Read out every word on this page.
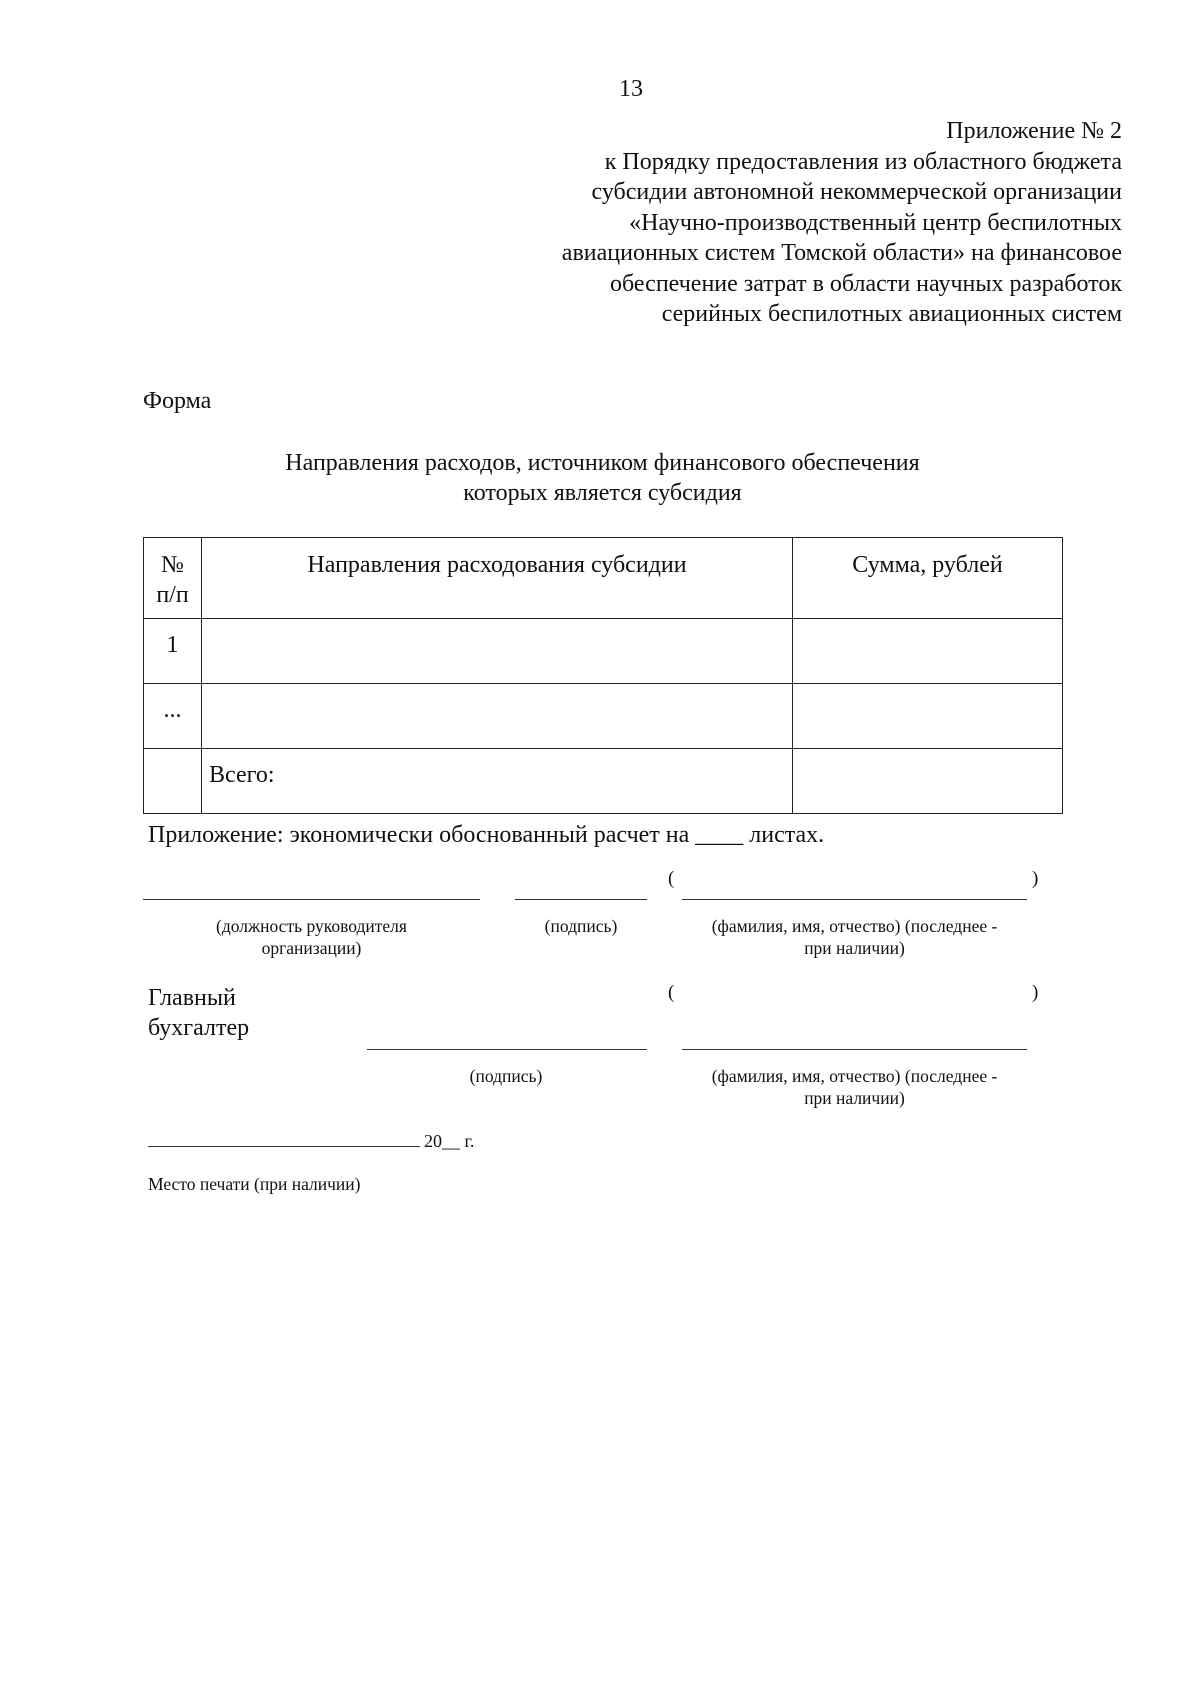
13
Приложение № 2
к Порядку предоставления из областного бюджета
субсидии автономной некоммерческой организации
«Научно-производственный центр беспилотных
авиационных систем Томской области» на финансовое
обеспечение затрат в области научных разработок
серийных беспилотных авиационных систем
Форма
Направления расходов, источником финансового обеспечения
которых является субсидия
№
п/п	Направления расходования субсидии	Сумма, рублей
1		
...		
	Всего:	
Приложение: экономически обоснованный расчет на ____ листах.
(	)
(должность руководителя
организации)
(подпись)	(фамилия, имя, отчество) (последнее -
при наличии)
Главный
бухгалтер
(	)
(подпись)	(фамилия, имя, отчество) (последнее -
при наличии)
20__ г.
Место печати (при наличии)
